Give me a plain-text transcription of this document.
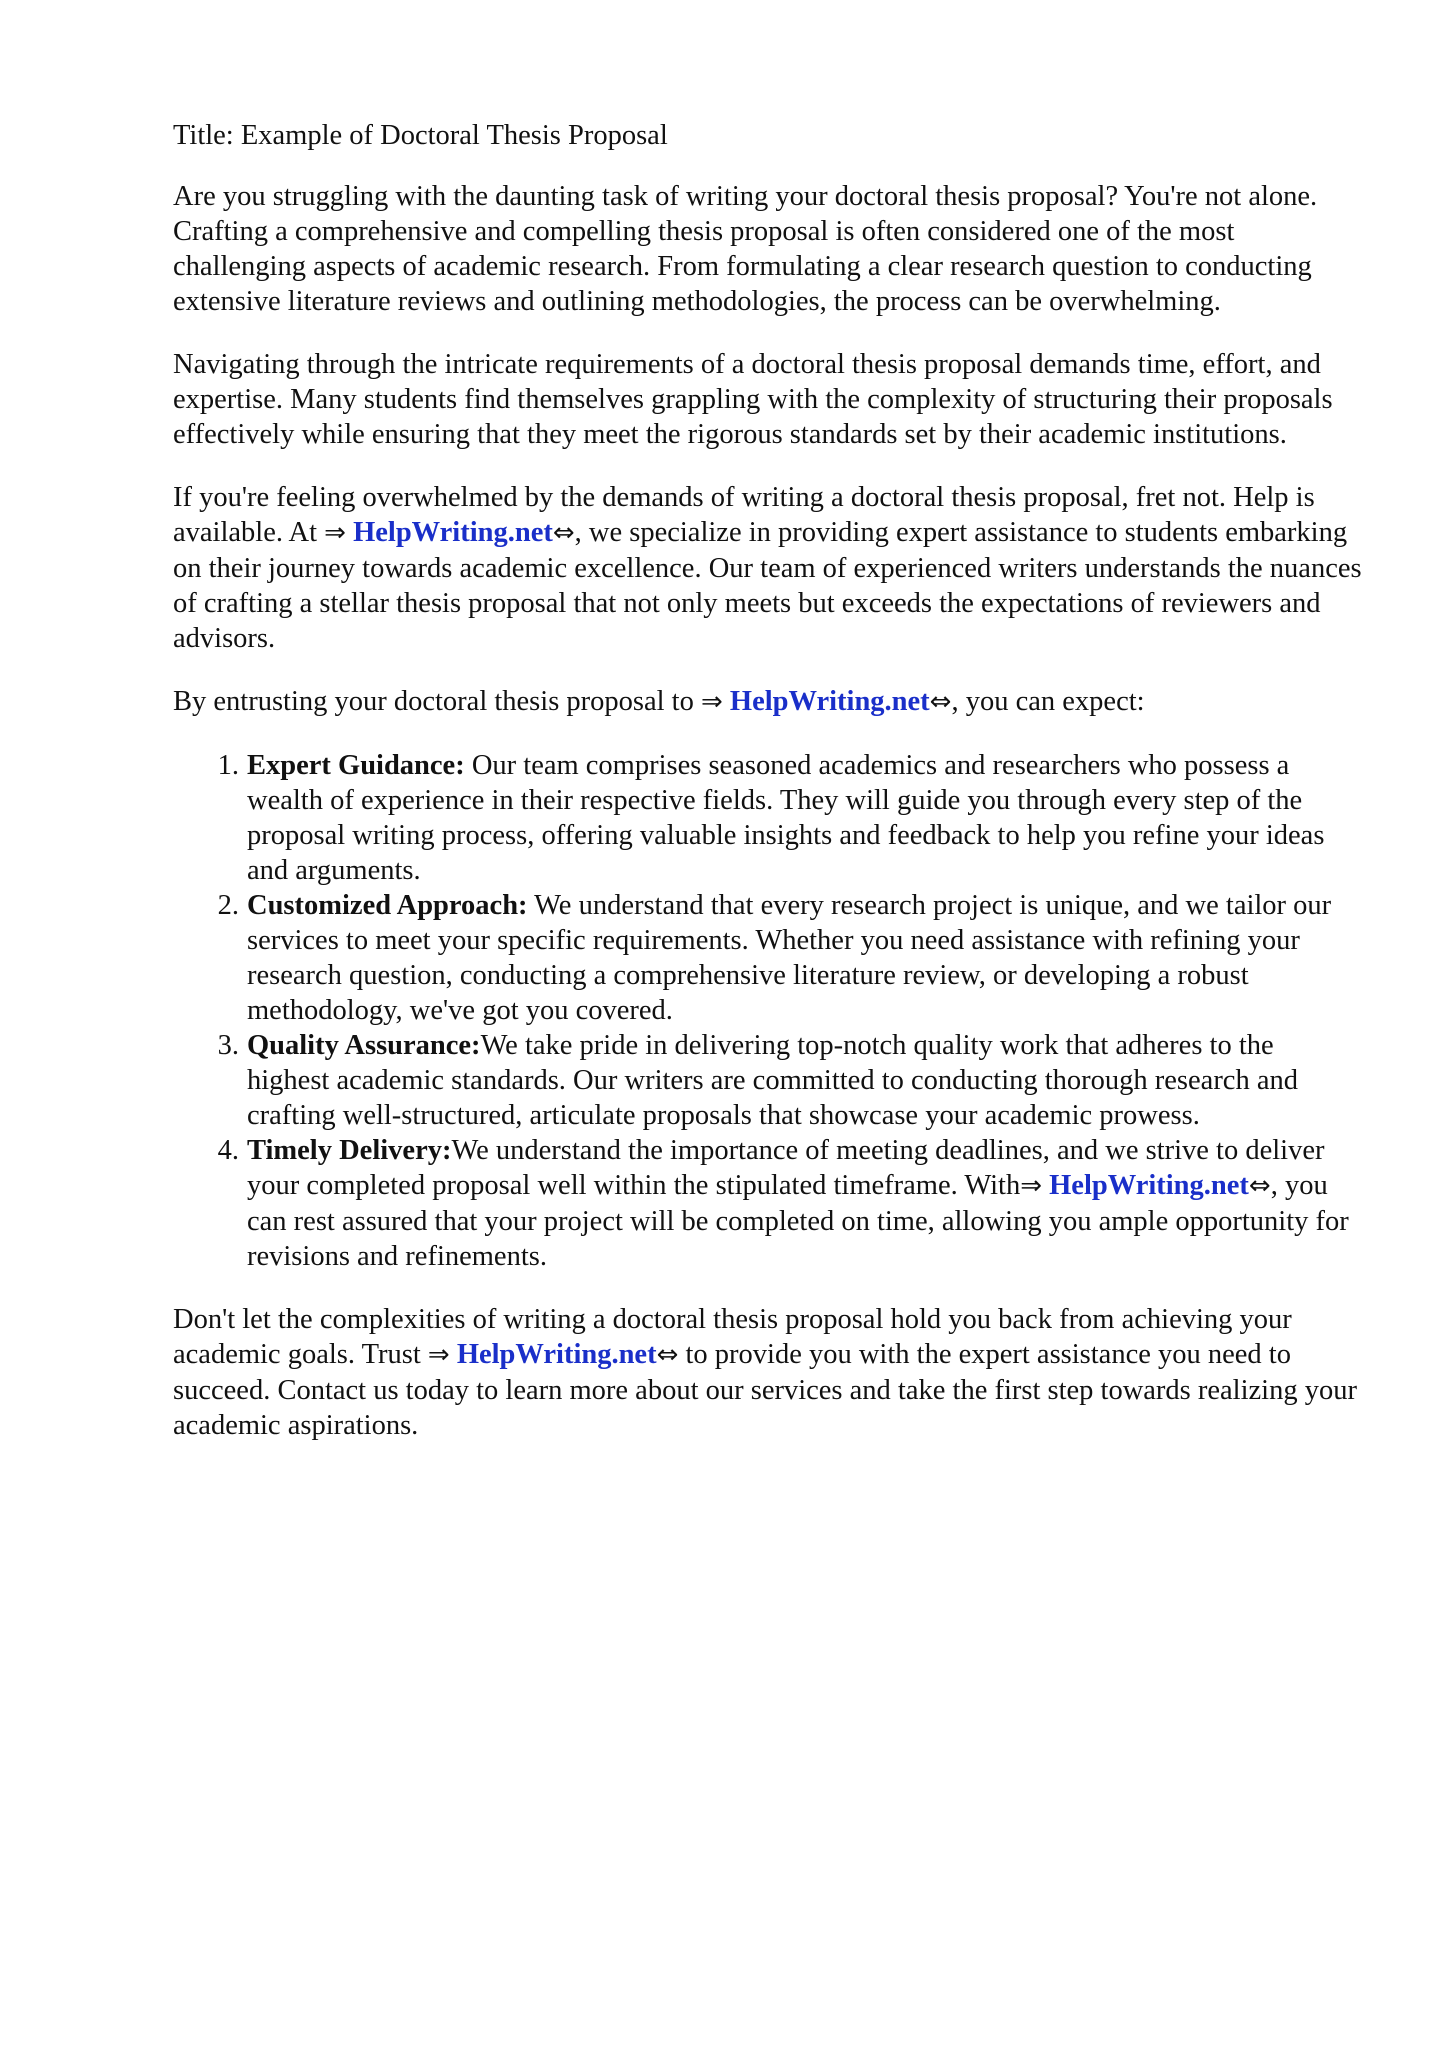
Title: Example of Doctoral Thesis Proposal

Are you struggling with the daunting task of writing your doctoral thesis proposal? You're not alone. Crafting a comprehensive and compelling thesis proposal is often considered one of the most challenging aspects of academic research. From formulating a clear research question to conducting extensive literature reviews and outlining methodologies, the process can be overwhelming.

Navigating through the intricate requirements of a doctoral thesis proposal demands time, effort, and expertise. Many students find themselves grappling with the complexity of structuring their proposals effectively while ensuring that they meet the rigorous standards set by their academic institutions.

If you're feeling overwhelmed by the demands of writing a doctoral thesis proposal, fret not. Help is available. At ⇒ HelpWriting.net⇔, we specialize in providing expert assistance to students embarking on their journey towards academic excellence. Our team of experienced writers understands the nuances of crafting a stellar thesis proposal that not only meets but exceeds the expectations of reviewers and advisors.

By entrusting your doctoral thesis proposal to ⇒ HelpWriting.net⇔, you can expect:

1. Expert Guidance: Our team comprises seasoned academics and researchers who possess a wealth of experience in their respective fields. They will guide you through every step of the proposal writing process, offering valuable insights and feedback to help you refine your ideas and arguments.
2. Customized Approach: We understand that every research project is unique, and we tailor our services to meet your specific requirements. Whether you need assistance with refining your research question, conducting a comprehensive literature review, or developing a robust methodology, we've got you covered.
3. Quality Assurance:We take pride in delivering top-notch quality work that adheres to the highest academic standards. Our writers are committed to conducting thorough research and crafting well-structured, articulate proposals that showcase your academic prowess.
4. Timely Delivery:We understand the importance of meeting deadlines, and we strive to deliver your completed proposal well within the stipulated timeframe. With⇒ HelpWriting.net⇔, you can rest assured that your project will be completed on time, allowing you ample opportunity for revisions and refinements.

Don't let the complexities of writing a doctoral thesis proposal hold you back from achieving your academic goals. Trust ⇒ HelpWriting.net⇔ to provide you with the expert assistance you need to succeed. Contact us today to learn more about our services and take the first step towards realizing your academic aspirations.
